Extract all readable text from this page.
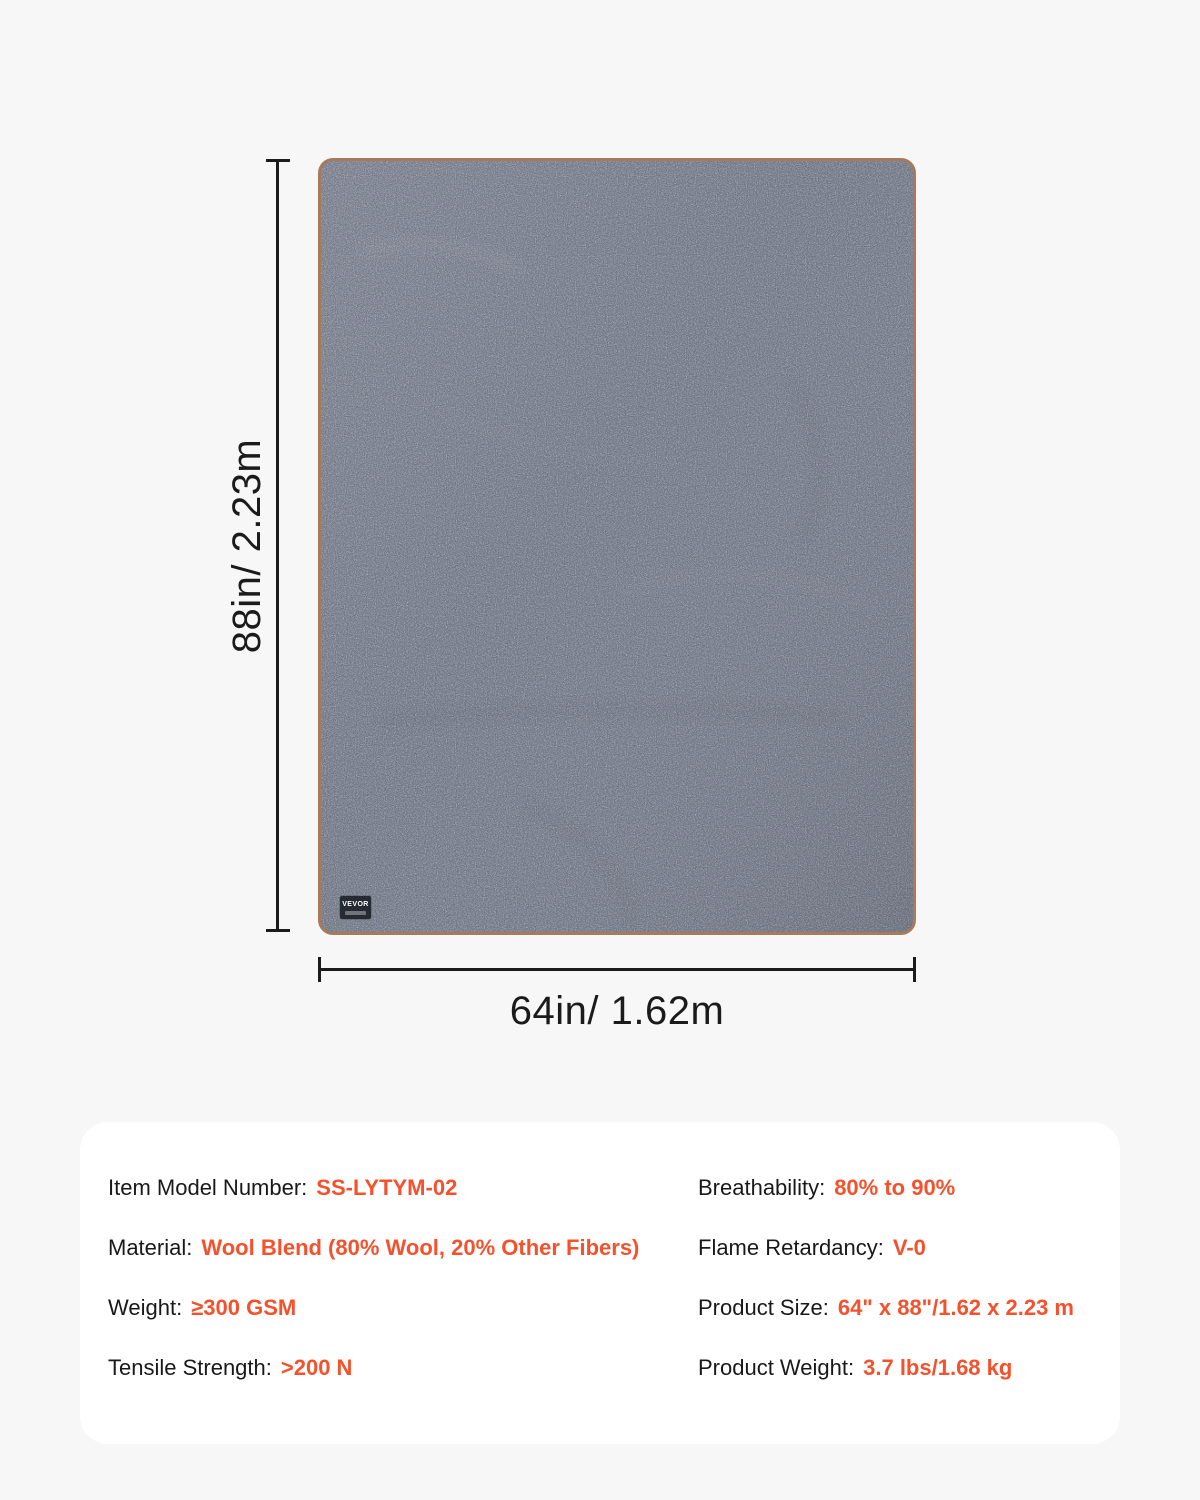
VEVOR
88in/ 2.23m
64in/ 1.62m
Item Model Number: SS-LYTYM-02
Material: Wool Blend (80% Wool, 20% Other Fibers)
Weight: ≥300 GSM
Tensile Strength: >200 N
Breathability: 80% to 90%
Flame Retardancy: V-0
Product Size: 64" x 88"/1.62 x 2.23 m
Product Weight: 3.7 lbs/1.68 kg
